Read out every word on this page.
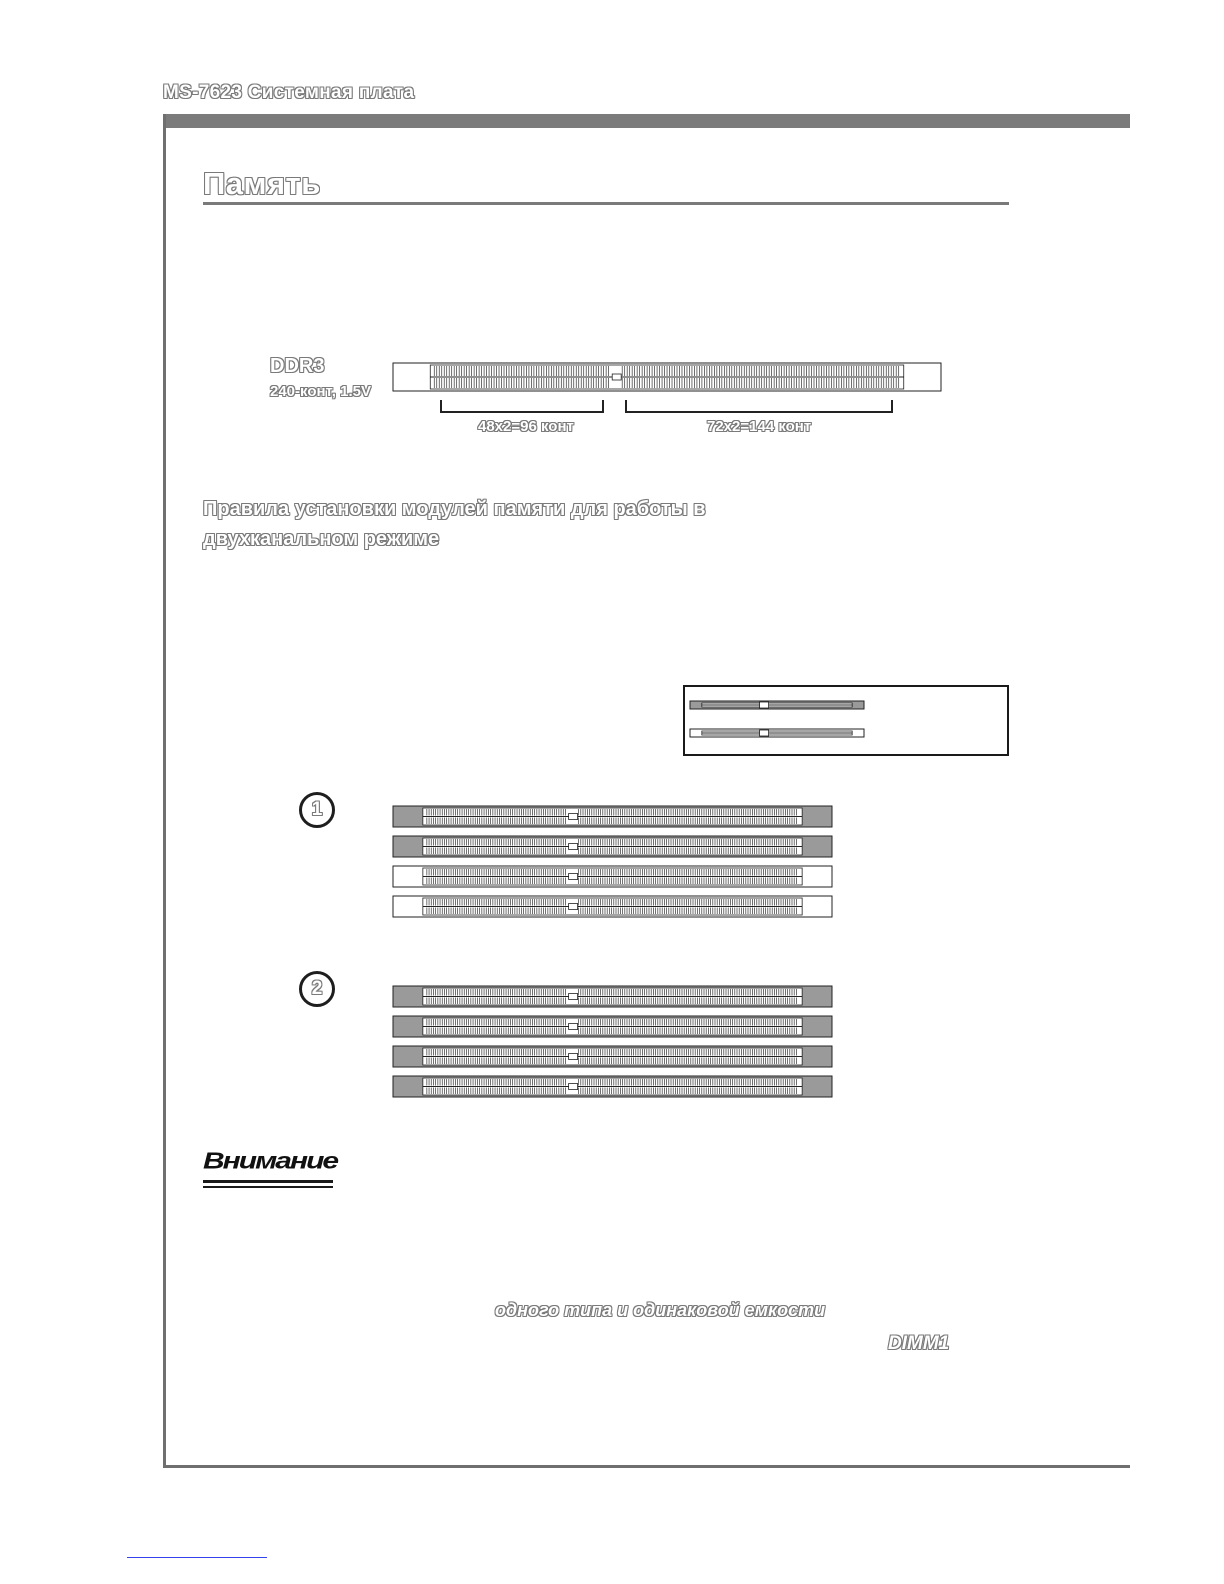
MS-7623 Системная плата
Память
DDR3
240-конт, 1.5V
48x2=96 конт	72x2=144 конт
Правила установки модулей памяти для работы в двухканальном режиме
1
2
Внимание
одного типа и одинаковой емкости
DIMM1
